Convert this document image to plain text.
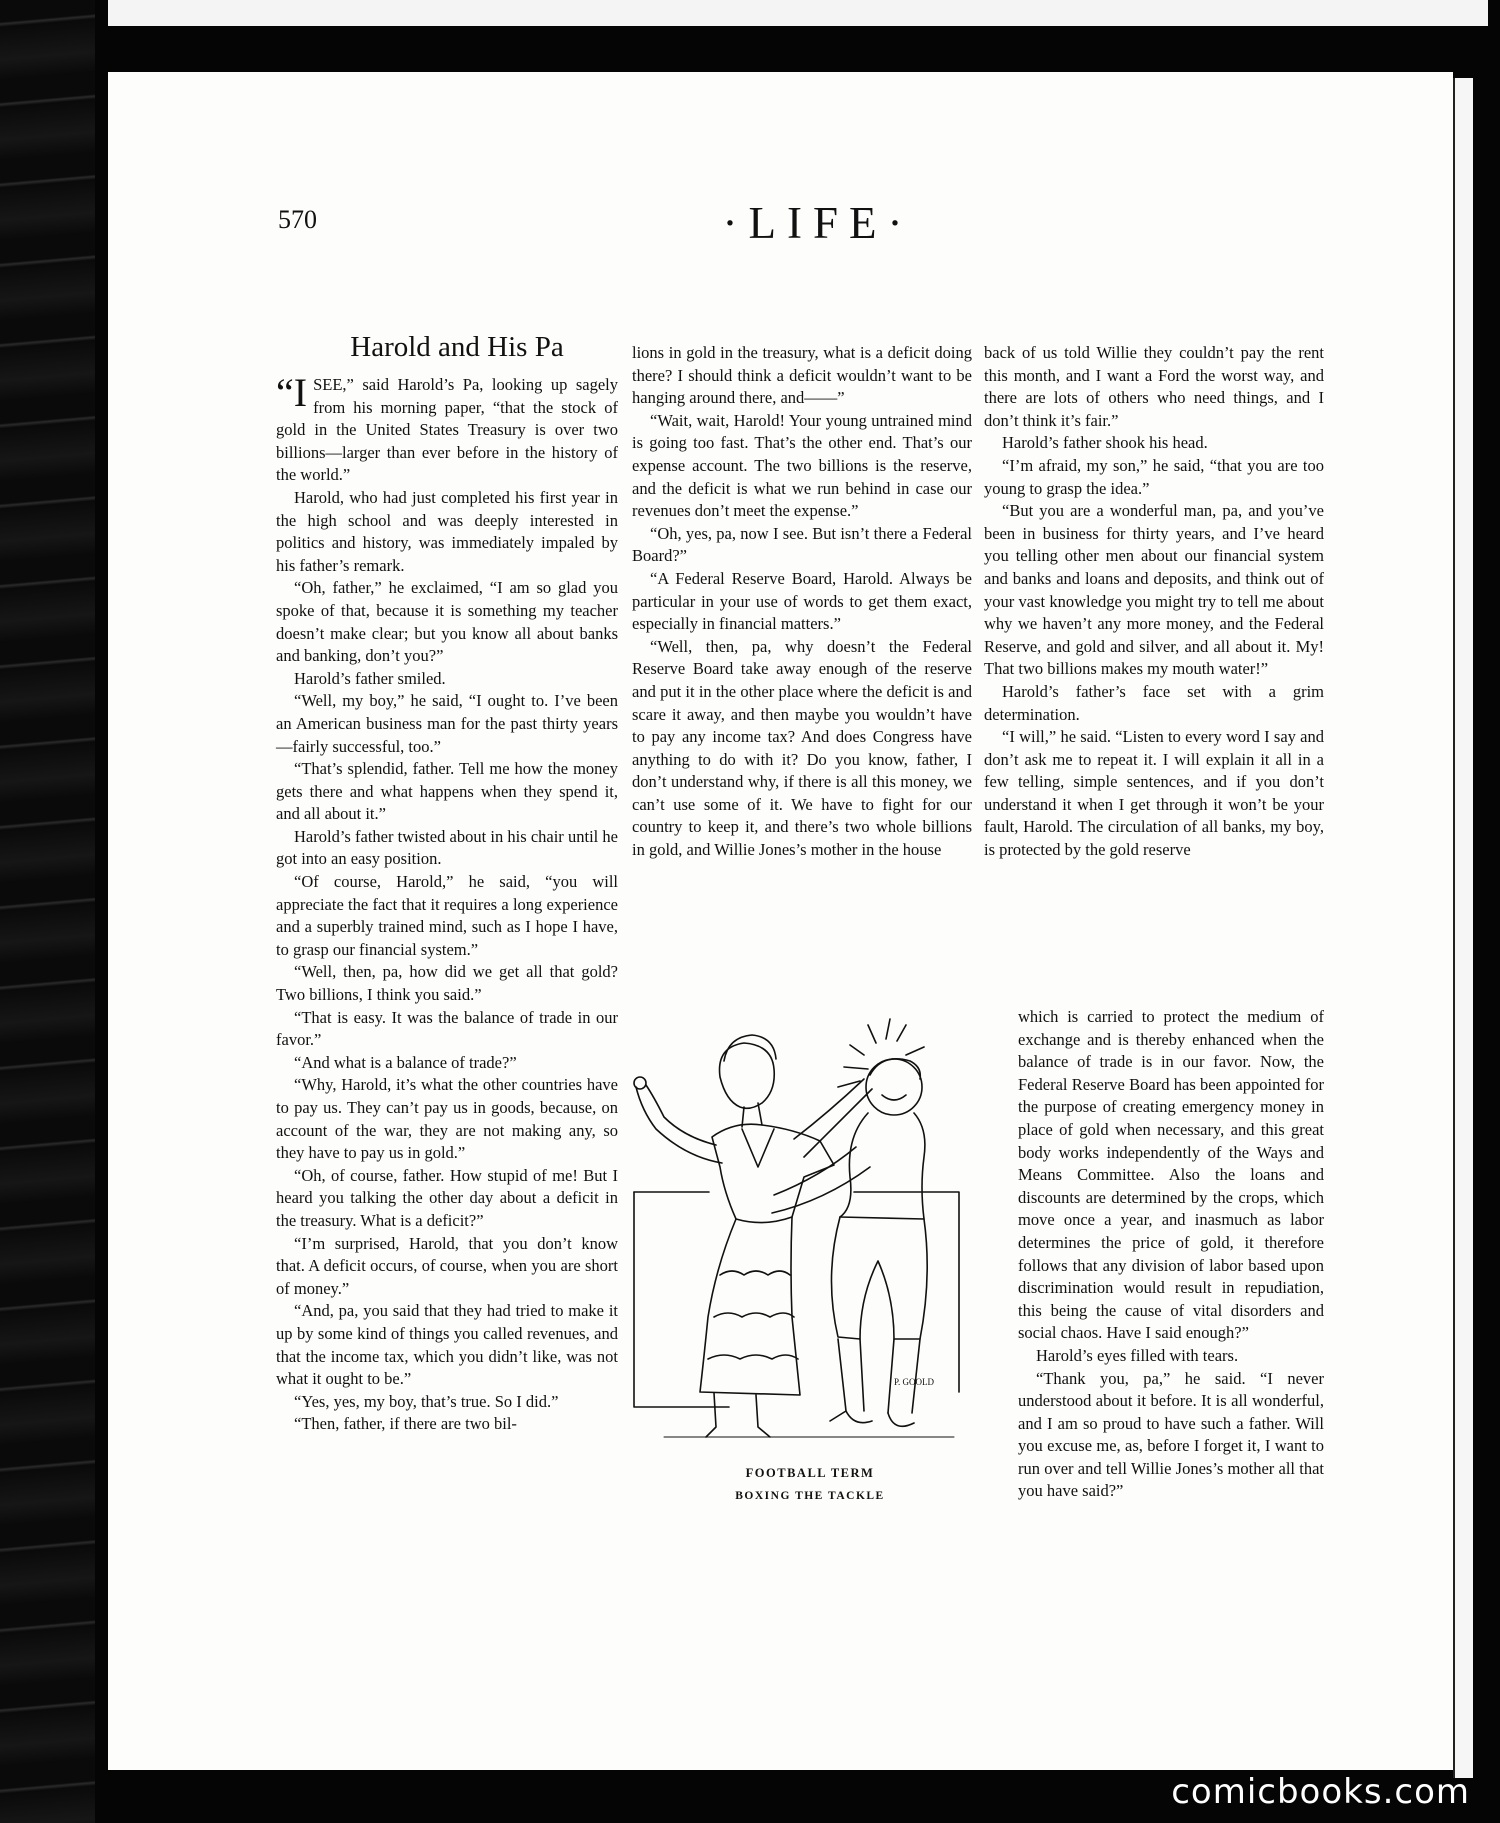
570	·LIFE·
Harold and His Pa

“ISEE,” said Harold’s Pa, looking up sagely from his morning paper, “that the stock of gold in the United States Treasury is over two billions—larger than ever before in the history of the world.”

Harold, who had just completed his first year in the high school and was deeply interested in politics and history, was immediately impaled by his father’s remark.

“Oh, father,” he exclaimed, “I am so glad you spoke of that, because it is something my teacher doesn’t make clear; but you know all about banks and banking, don’t you?”

Harold’s father smiled.

“Well, my boy,” he said, “I ought to. I’ve been an American business man for the past thirty years—fairly successful, too.”

“That’s splendid, father. Tell me how the money gets there and what happens when they spend it, and all about it.”

Harold’s father twisted about in his chair until he got into an easy position.

“Of course, Harold,” he said, “you will appreciate the fact that it requires a long experience and a superbly trained mind, such as I hope I have, to grasp our financial system.”

“Well, then, pa, how did we get all that gold? Two billions, I think you said.”

“That is easy. It was the balance of trade in our favor.”

“And what is a balance of trade?”

“Why, Harold, it’s what the other countries have to pay us. They can’t pay us in goods, because, on account of the war, they are not making any, so they have to pay us in gold.”

“Oh, of course, father. How stupid of me! But I heard you talking the other day about a deficit in the treasury. What is a deficit?”

“I’m surprised, Harold, that you don’t know that. A deficit occurs, of course, when you are short of money.”

“And, pa, you said that they had tried to make it up by some kind of things you called revenues, and that the income tax, which you didn’t like, was not what it ought to be.”

“Yes, yes, my boy, that’s true. So I did.”

“Then, father, if there are two bil-

lions in gold in the treasury, what is a deficit doing there? I should think a deficit wouldn’t want to be hanging around there, and——”

“Wait, wait, Harold! Your young untrained mind is going too fast. That’s the other end. That’s our expense account. The two billions is the reserve, and the deficit is what we run behind in case our revenues don’t meet the expense.”

“Oh, yes, pa, now I see. But isn’t there a Federal Board?”

“A Federal Reserve Board, Harold. Always be particular in your use of words to get them exact, especially in financial matters.”

“Well, then, pa, why doesn’t the Federal Reserve Board take away enough of the reserve and put it in the other place where the deficit is and scare it away, and then maybe you wouldn’t have to pay any income tax? And does Congress have anything to do with it? Do you know, father, I don’t understand why, if there is all this money, we can’t use some of it. We have to fight for our country to keep it, and there’s two whole billions in gold, and Willie Jones’s mother in the house

back of us told Willie they couldn’t pay the rent this month, and I want a Ford the worst way, and there are lots of others who need things, and I don’t think it’s fair.”

Harold’s father shook his head.

“I’m afraid, my son,” he said, “that you are too young to grasp the idea.”

“But you are a wonderful man, pa, and you’ve been in business for thirty years, and I’ve heard you telling other men about our financial system and banks and loans and deposits, and think out of your vast knowledge you might try to tell me about why we haven’t any more money, and the Federal Reserve, and gold and silver, and all about it. My! That two billions makes my mouth water!”

Harold’s father’s face set with a grim determination.

“I will,” he said. “Listen to every word I say and don’t ask me to repeat it. I will explain it all in a few telling, simple sentences, and if you don’t understand it when I get through it won’t be your fault, Harold. The circulation of all banks, my boy, is protected by the gold reserve

which is carried to protect the medium of exchange and is thereby enhanced when the balance of trade is in our favor. Now, the Federal Reserve Board has been appointed for the purpose of creating emergency money in place of gold when necessary, and this great body works independently of the Ways and Means Committee. Also the loans and discounts are determined by the crops, which move once a year, and inasmuch as labor determines the price of gold, it therefore follows that any division of labor based upon discrimination would result in repudiation, this being the cause of vital disorders and social chaos. Have I said enough?”

Harold’s eyes filled with tears.

“Thank you, pa,” he said. “I never understood about it before. It is all wonderful, and I am so proud to have such a father. Will you excuse me, as, before I forget it, I want to run over and tell Willie Jones’s mother all that you have said?”

P. GOOLD
FOOTBALL TERM
BOXING THE TACKLE
comicbooks.com
